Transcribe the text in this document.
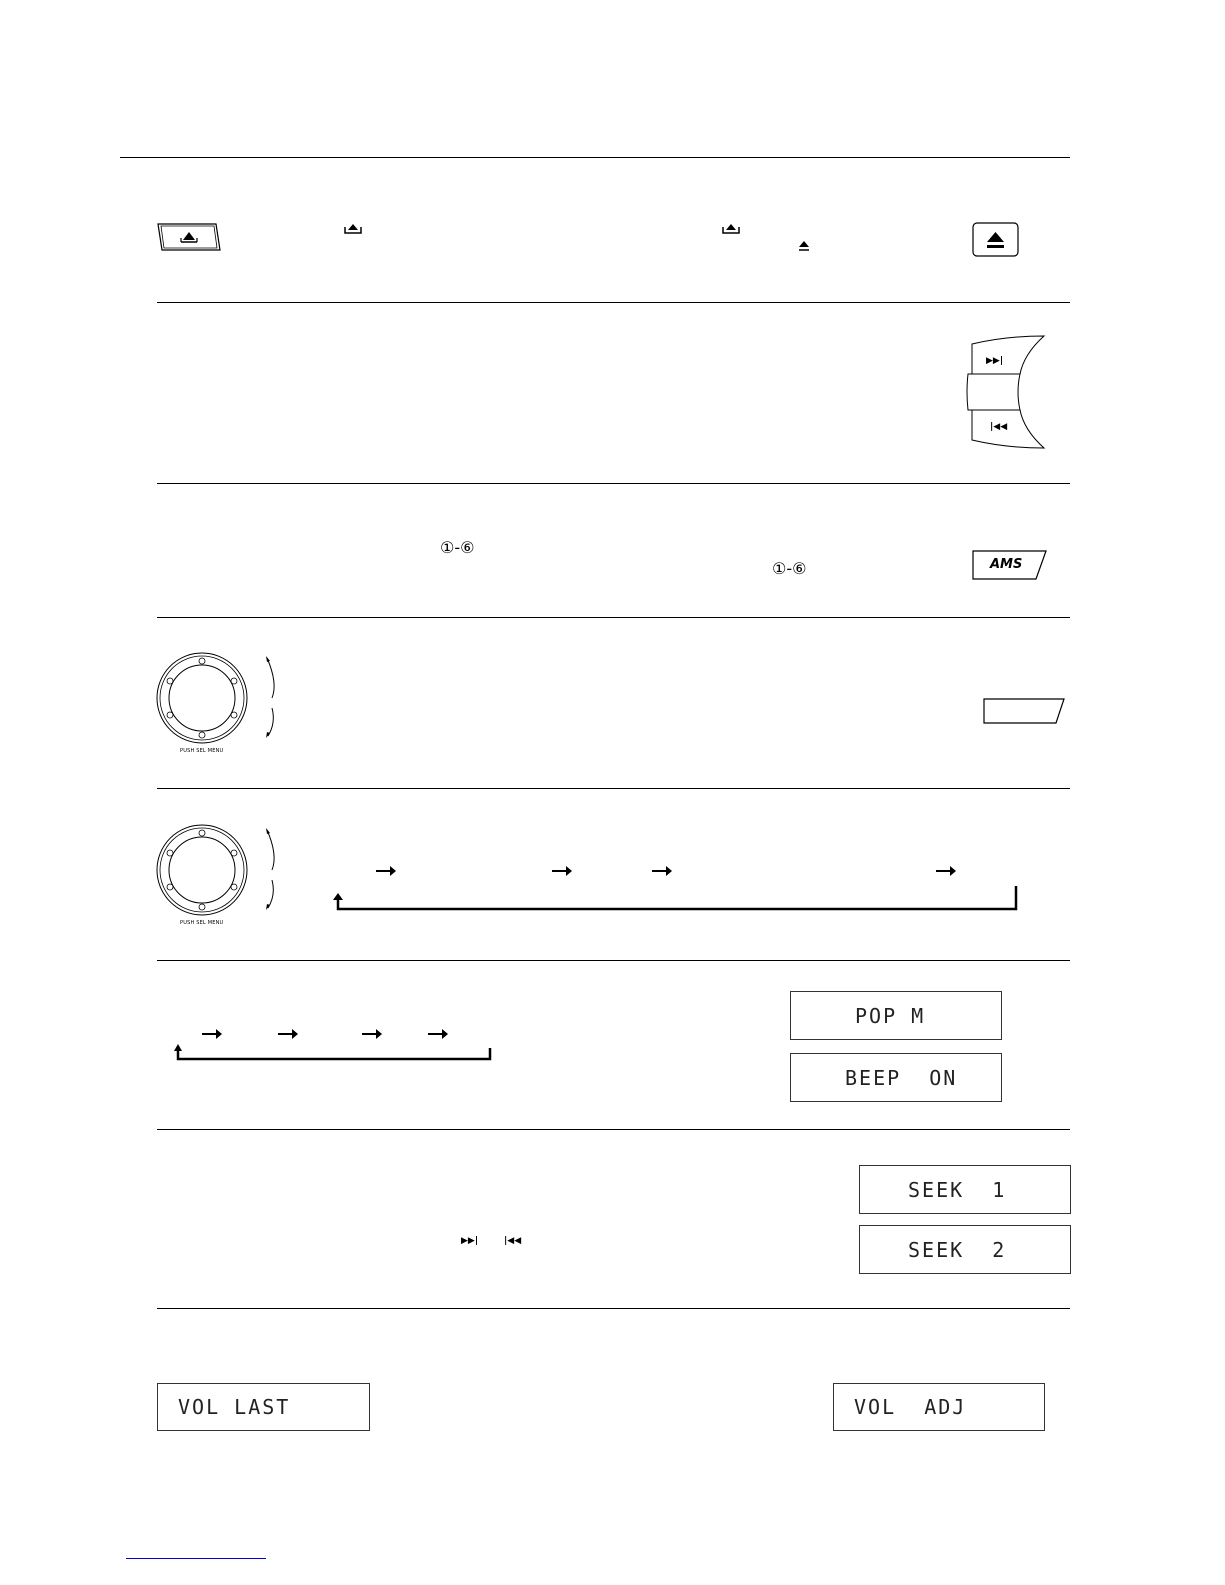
▶▶|
|◀◀
①-⑥
①-⑥	AMS
PUSH SEL MENU
PUSH SEL MENU
POP M
BEEP  ON
▶▶|	|◀◀
SEEK  1
SEEK  2
VOL LAST	VOL  ADJ
